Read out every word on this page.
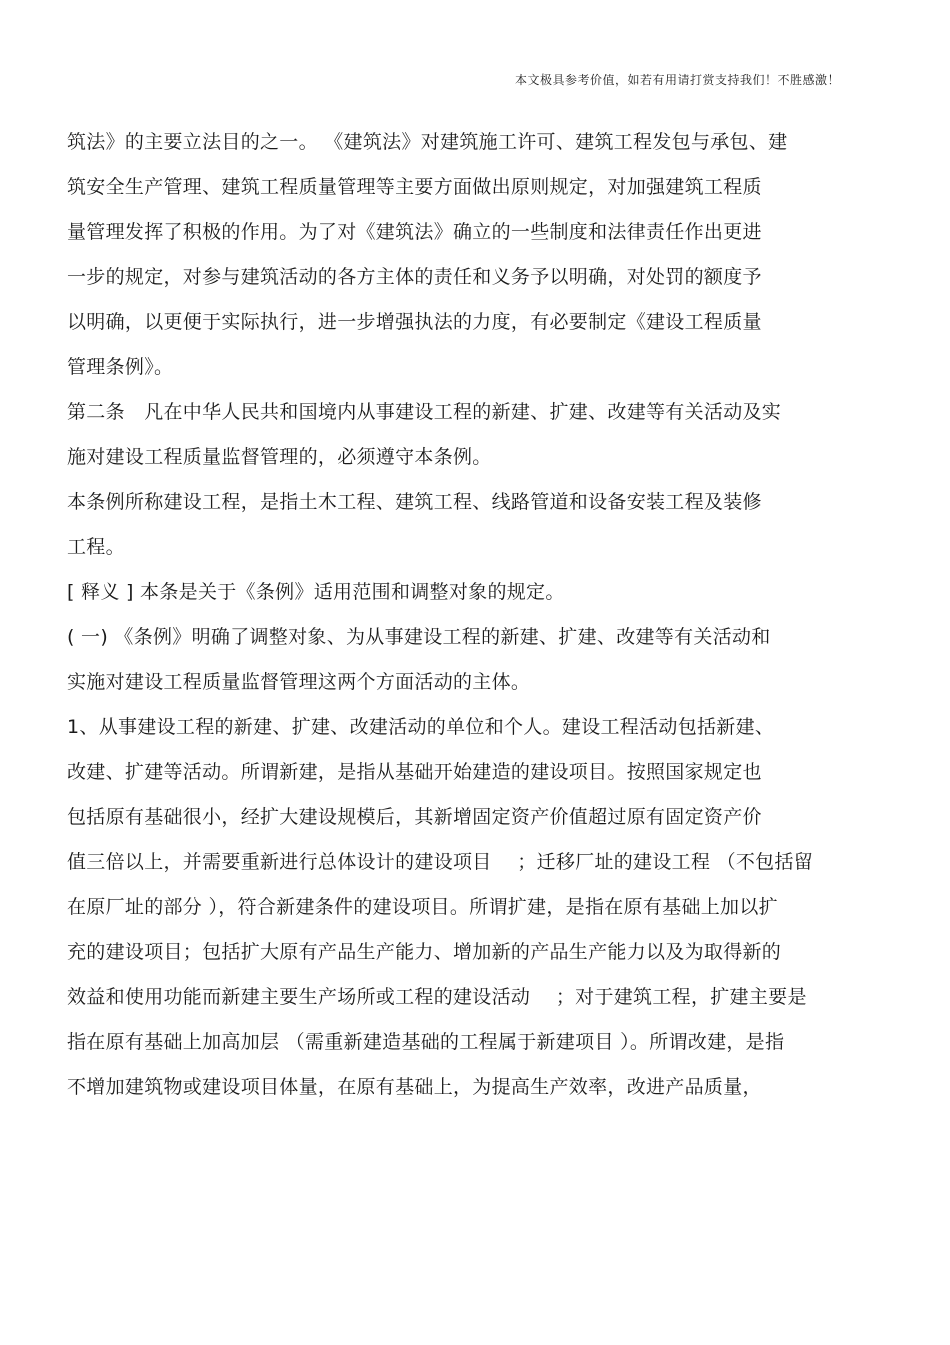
本文极具参考价值，如若有用请打赏支持我们！不胜感激！
筑法》的主要立法目的之一。 《建筑法》对建筑施工许可、建筑工程发包与承包、建
筑安全生产管理、建筑工程质量管理等主要方面做出原则规定，对加强建筑工程质
量管理发挥了积极的作用。为了对《建筑法》确立的一些制度和法律责任作出更进
一步的规定，对参与建筑活动的各方主体的责任和义务予以明确，对处罚的额度予
以明确，以更便于实际执行，进一步增强执法的力度，有必要制定《建设工程质量
管理条例》。
第二条　凡在中华人民共和国境内从事建设工程的新建、扩建、改建等有关活动及实
施对建设工程质量监督管理的，必须遵守本条例。
本条例所称建设工程，是指土木工程、建筑工程、线路管道和设备安装工程及装修
工程。
[ 释义 ] 本条是关于《条例》适用范围和调整对象的规定。
( 一) 《条例》明确了调整对象、为从事建设工程的新建、扩建、改建等有关活动和
实施对建设工程质量监督管理这两个方面活动的主体。
1、从事建设工程的新建、扩建、改建活动的单位和个人。建设工程活动包括新建、
改建、扩建等活动。所谓新建，是指从基础开始建造的建设项目。按照国家规定也
包括原有基础很小，经扩大建设规模后，其新增固定资产价值超过原有固定资产价
值三倍以上，并需要重新进行总体设计的建设项目　 ；迁移厂址的建设工程 （不包括留
在原厂址的部分 ），符合新建条件的建设项目。所谓扩建，是指在原有基础上加以扩
充的建设项目；包括扩大原有产品生产能力、增加新的产品生产能力以及为取得新的
效益和使用功能而新建主要生产场所或工程的建设活动　 ；对于建筑工程，扩建主要是
指在原有基础上加高加层 （需重新建造基础的工程属于新建项目 ）。所谓改建，是指
不增加建筑物或建设项目体量，在原有基础上，为提高生产效率，改进产品质量，
